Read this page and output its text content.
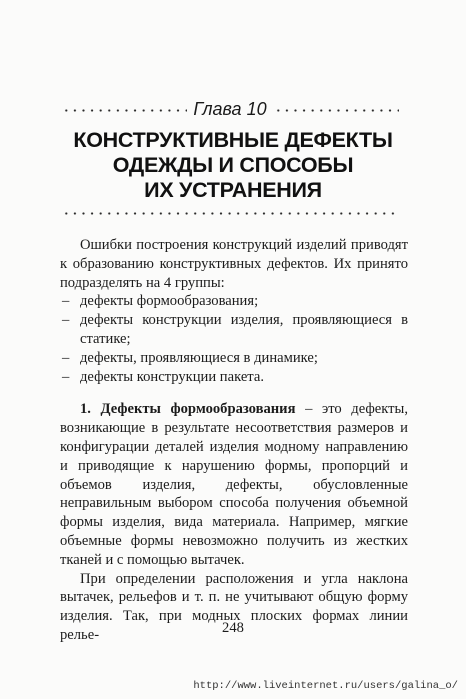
Глава 10
КОНСТРУКТИВНЫЕ ДЕФЕКТЫ
ОДЕЖДЫ И СПОСОБЫ
ИХ УСТРАНЕНИЯ

Ошибки построения конструкций изделий приводят к образованию конструктивных дефектов. Их принято подразделять на 4 группы:

– дефекты формообразования;
– дефекты конструкции изделия, проявляющиеся в статике;
– дефекты, проявляющиеся в динамике;
– дефекты конструкции пакета.

1. Дефекты формообразования – это дефекты, возникающие в результате несоответствия размеров и конфигурации деталей изделия модному направлению и приводящие к нарушению формы, пропорций и объемов изделия, дефекты, обусловленные неправильным выбором способа получения объемной формы изделия, вида материала. Например, мягкие объемные формы невозможно получить из жестких тканей и с помощью вытачек.

При определении расположения и угла наклона вытачек, рельефов и т. п. не учитывают общую форму изделия. Так, при модных плоских формах линии релье-	248
http://www.liveinternet.ru/users/galina_o/
